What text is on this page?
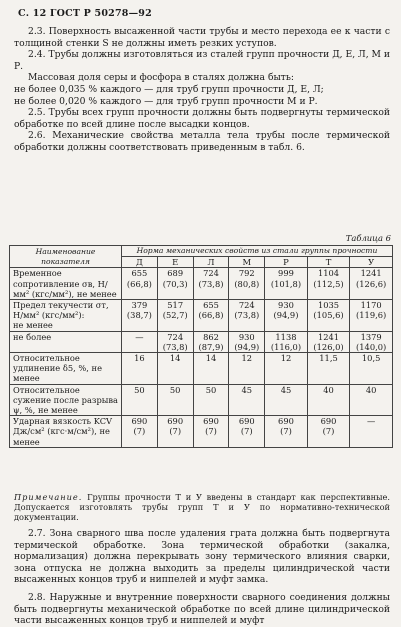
С. 12 ГОСТ Р 50278—92

2.3. Поверхность высаженной части трубы и место перехода ее к части с толщиной стенки S не должны иметь резких уступов.

2.4. Трубы должны изготовляться из сталей групп прочности Д, Е, Л, М и Р.

Массовая доля серы и фосфора в сталях должна быть:

не более 0,035 % каждого — для труб групп прочности Д, Е, Л;

не более 0,020 % каждого — для труб групп прочности М и Р.

2.5. Трубы всех групп прочности должны быть подвергнуты термической обработке по всей длине после высадки концов.

2.6. Механические свойства металла тела трубы после термической обработки должны соответствовать приведенным в табл. 6.

Таблица 6
Наименование показателя	Норма механических свойств из стали группы прочности						
	Д	Е	Л	М	Р	Т	У
Временное сопротивление σв, Н/мм² (кгс/мм²), не менее	655
(66,8)	689
(70,3)	724
(73,8)	792
(80,8)	999
(101,8)	1104
(112,5)	1241
(126,6)
Предел текучести σт, Н/мм² (кгс/мм²):
не менее	379
(38,7)	517
(52,7)	655
(66,8)	724
(73,8)	930
(94,9)	1035
(105,6)	1170
(119,6)
не более	—	724
(73,8)	862
(87,9)	930
(94,9)	1138
(116,0)	1241
(126,0)	1379
(140,0)
Относительное удлинение δ5, %, не менее	16	14	14	12	12	11,5	10,5
Относительное сужение после разрыва ψ, %, не менее	50	50	50	45	45	40	40
Ударная вязкость KCV Дж/см² (кгс·м/см²), не менее	690
(7)	690
(7)	690
(7)	690
(7)	690
(7)	690
(7)	—
Примечание. Группы прочности Т и У введены в стандарт как перспективные. Допускается изготовлять трубы групп Т и У по нормативно-технической документации.

2.7. Зона сварного шва после удаления грата должна быть подвергнута термической обработке. Зона термической обработки (закалка, нормализация) должна перекрывать зону термического влияния сварки, зона отпуска не должна выходить за пределы цилиндрической части высаженных концов труб и ниппелей и муфт замка.

2.8. Наружные и внутренние поверхности сварного соединения должны быть подвергнуты механической обработке по всей длине цилиндрической части высаженных концов труб и ниппелей и муфт
